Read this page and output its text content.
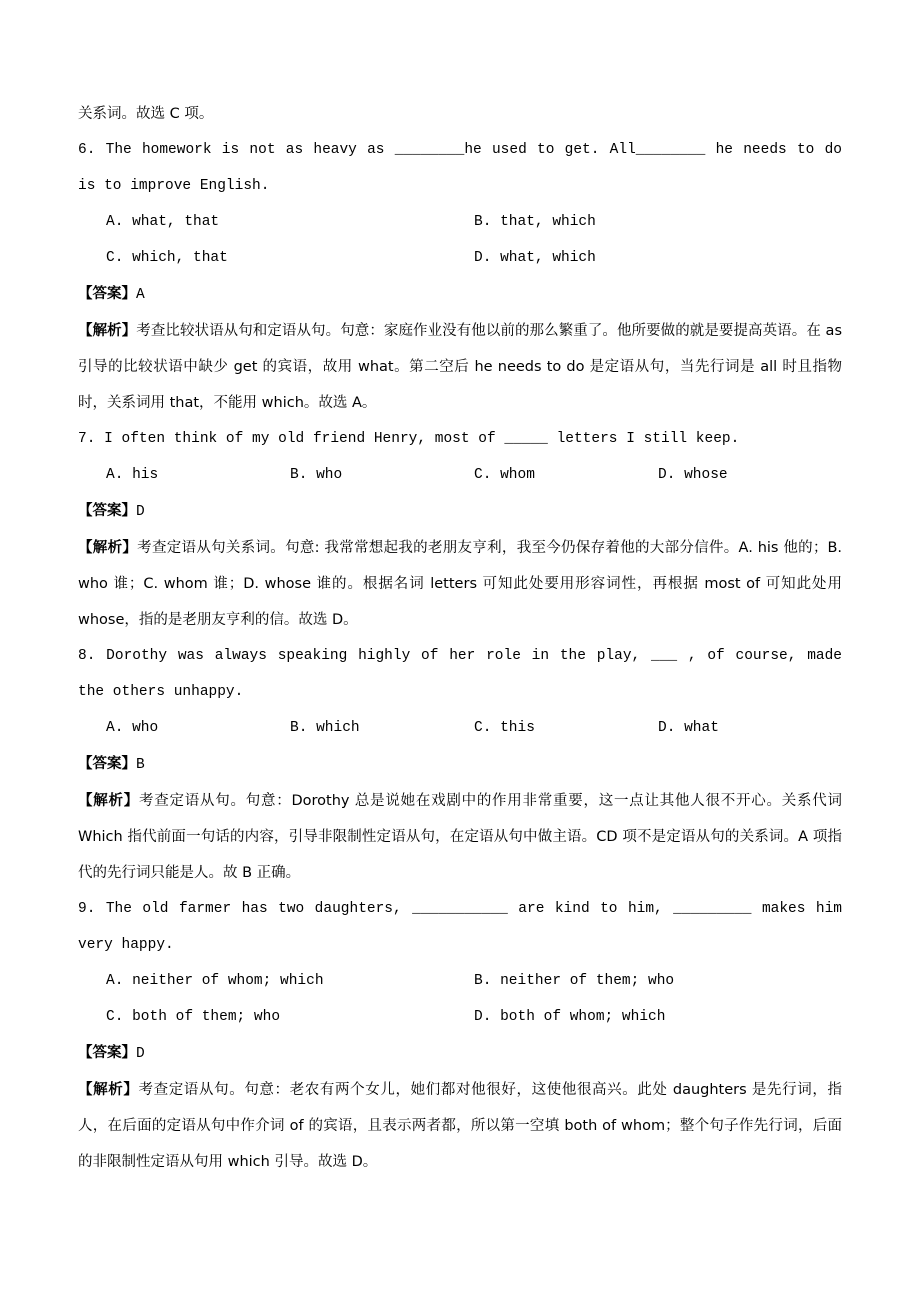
关系词。故选 C 项。
6. The homework is not as heavy as ________he used to get. All________ he needs to do is to improve English.
A. what, that	B. that, which
C. which, that	D. what, which
【答案】A
【解析】考查比较状语从句和定语从句。句意：家庭作业没有他以前的那么繁重了。他所要做的就是要提高英语。在 as 引导的比较状语中缺少 get 的宾语，故用 what。第二空后 he needs to do 是定语从句，当先行词是 all 时且指物时，关系词用 that，不能用 which。故选 A。
7. I often think of my old friend Henry, most of _____ letters I still keep.
A. his	B. who	C. whom	D. whose
【答案】D
【解析】考查定语从句关系词。句意: 我常常想起我的老朋友亨利，我至今仍保存着他的大部分信件。A. his 他的；B. who 谁；C. whom 谁；D. whose 谁的。根据名词 letters 可知此处要用形容词性，再根据 most of 可知此处用 whose，指的是老朋友亨利的信。故选 D。
8. Dorothy was always speaking highly of her role in the play, ___ , of course, made the others unhappy.
A. who	B. which	C. this	D. what
【答案】B
【解析】考查定语从句。句意：Dorothy 总是说她在戏剧中的作用非常重要，这一点让其他人很不开心。关系代词 Which 指代前面一句话的内容，引导非限制性定语从句，在定语从句中做主语。CD 项不是定语从句的关系词。A 项指代的先行词只能是人。故 B 正确。
9. The old farmer has two daughters, ___________ are kind to him, _________ makes him very happy.
A. neither of whom; which	B. neither of them; who
C. both of them; who	D. both of whom; which
【答案】D
【解析】考查定语从句。句意：老农有两个女儿，她们都对他很好，这使他很高兴。此处 daughters 是先行词，指人，在后面的定语从句中作介词 of 的宾语，且表示两者都，所以第一空填 both of whom；整个句子作先行词，后面的非限制性定语从句用 which 引导。故选 D。
